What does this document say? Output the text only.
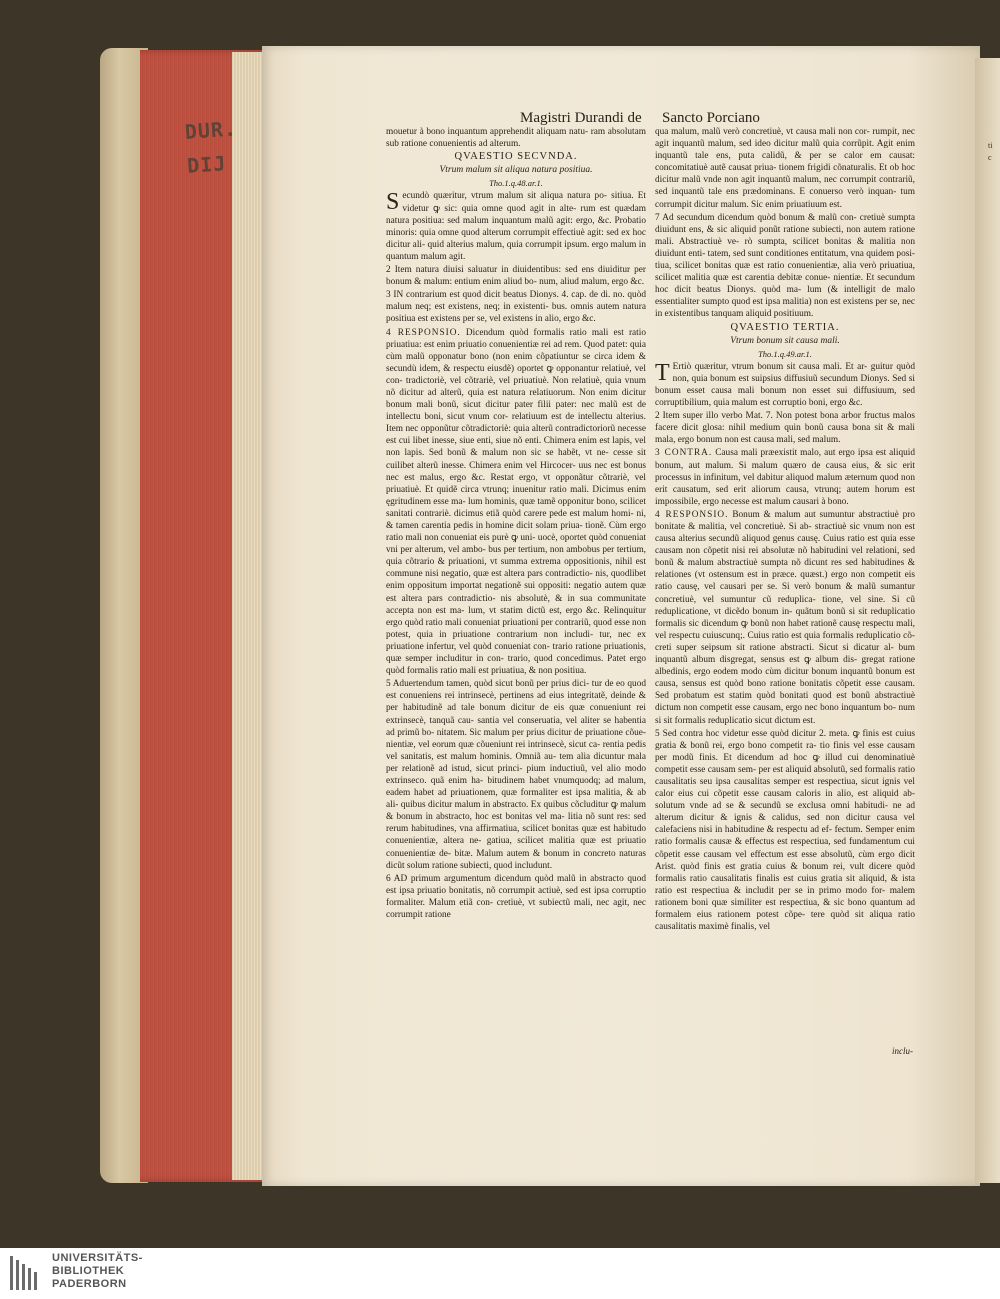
DUR.
DIJ
ti
c
Magistri Durandi de Sancto Porciano

mouetur à bono inquantum apprehendit aliquam natu- ram absolutam sub ratione conuenientis ad alterum.

QVAESTIO SECVNDA.

Vtrum malum sit aliqua natura positiua.

Tho.1.q.48.ar.1.

Secundò quæritur, vtrum malum sit aliqua natura po- sitiua. Et videtur ꝙ sic: quia omne quod agit in alte- rum est quædam natura positiua: sed malum inquantum malũ agit: ergo, &c. Probatio minoris: quia omne quod alterum corrumpit effectiuè agit: sed ex hoc dicitur ali- quid alterius malum, quia corrumpit ipsum. ergo malum in quantum malum agit.

2 Item natura diuisi saluatur in diuidentibus: sed ens diuiditur per bonum & malum: entium enim aliud bo- num, aliud malum, ergo &c.

3 IN contrarium est quod dicit beatus Dionys. 4. cap. de di. no. quòd malum neq; est existens, neq; in existenti- bus. omnis autem natura positiua est existens per se, vel existens in alio, ergo &c.

4 RESPONSIO. Dicendum quòd formalis ratio mali est ratio priuatiua: est enim priuatio conuenientiæ rei ad rem. Quod patet: quia cùm malũ opponatur bono (non enim cõpatiuntur se circa idem & secundù idem, & respectu eiusdẽ) oportet ꝙ opponantur relatiuè, vel con- tradictoriè, vel cõtrariè, vel priuatiuè. Non relatiuè, quia vnum nõ dicitur ad alterũ, quia est natura relatiuorum. Non enim dicitur bonum mali bonũ, sicut dicitur pater filii pater: nec malũ est de intellectu boni, sicut vnum cor- relatiuum est de intellectu alterius. Item nec opponũtur cõtradictoriè: quia alterũ contradictoriorũ necesse est cui libet inesse, siue enti, siue nõ enti. Chimera enim est lapis, vel non lapis. Sed bonũ & malum non sic se habẽt, vt ne- cesse sit cuilibet alterũ inesse. Chimera enim vel Hircocer- uus nec est bonus nec est malus, ergo &c. Restat ergo, vt opponãtur cõtrariè, vel priuatiuè. Et quidẽ circa vtrunq; inuenitur ratio mali. Dicimus enim ęgritudinem esse ma- lum hominis, quæ tamẽ opponitur bono, scilicet sanitati contrariè. dicimus etiã quòd carere pede est malum homi- ni, & tamen carentia pedis in homine dicit solam priua- tionẽ. Cùm ergo ratio mali non conueniat eis purè ꝙ uni- uocè, oportet quòd conueniat vni per alterum, vel ambo- bus per tertium, non ambobus per tertium, quia cõtrario & priuationi, vt summa extrema oppositionis, nihil est commune nisi negatio, quæ est altera pars contradictio- nis, quodlibet enim oppositum importat negationẽ sui oppositi: negatio autem quæ est altera pars contradictio- nis absolutè, & in sua communitate accepta non est ma- lum, vt statim dictũ est, ergo &c. Relinquitur ergo quòd ratio mali conueniat priuationi per contrariũ, quod esse non potest, quia in priuatione contrarium non includi- tur, nec ex priuatione infertur, vel quòd conueniat con- trario ratione priuationis, quæ semper includitur in con- trario, quod concedimus. Patet ergo quòd formalis ratio mali est priuatiua, & non positiua.

5 Aduertendum tamen, quòd sicut bonũ per prius dici- tur de eo quod est conueniens rei intrinsecè, pertinens ad eius integritatẽ, deinde & per habitudinẽ ad tale bonum dicitur de eis quæ conueniunt rei extrinsecè, tanquã cau- santia vel conseruatia, vel aliter se habentia ad primũ bo- nitatem. Sic malum per prius dicitur de priuatione cõue- nientiæ, vel eorum quæ cõueniunt rei intrinsecè, sicut ca- rentia pedis vel sanitatis, est malum hominis. Omniã au- tem alia dicuntur mala per relationẽ ad istud, sicut princi- pium inductiuũ, vel alio modo extrinseco. quã enim ha- bitudinem habet vnumquodq; ad malum, eadem habet ad priuationem, quæ formaliter est ipsa malitia, & ab ali- quibus dicitur malum in abstracto. Ex quibus cõcluditur ꝙ malum & bonum in abstracto, hoc est bonitas vel ma- litia nõ sunt res: sed rerum habitudines, vna affirmatiua, scilicet bonitas quæ est habitudo conuenientiæ, altera ne- gatiua, scilicet malitia quæ est priuatio conuenientiæ de- bitæ. Malum autem & bonum in concreto naturas dicũt solum ratione subiecti, quod includunt.

6 AD primum argumentum dicendum quòd malũ in abstracto quod est ipsa priuatio bonitatis, nõ corrumpit actiuè, sed est ipsa corruptio formaliter. Malum etiã con- cretiuè, vt subiectũ mali, nec agit, nec corrumpit ratione

qua malum, malũ verò concretiuè, vt causa mali non cor- rumpit, nec agit inquantũ malum, sed ideo dicitur malũ quia corrũpit. Agit enim inquantũ tale ens, puta calidũ, & per se calor em causat: concomitatiuè autẽ causat priua- tionem frigidi cõnaturalis. Et ob hoc dicitur malũ vnde non agit inquantũ malum, nec corrumpit contrariũ, sed inquantũ tale ens prædominans. E conuerso verò inquan- tum corrumpit dicitur malum. Sic enim priuatiuum est.

7 Ad secundum dicendum quòd bonum & malũ con- cretiuè sumpta diuidunt ens, & sic aliquid ponũt ratione subiecti, non autem ratione mali. Abstractiuè ve- rò sumpta, scilicet bonitas & malitia non diuidunt enti- tatem, sed sunt conditiones entitatum, vna quidem posi- tiua, scilicet bonitas quæ est ratio conuenientiæ, alia verò priuatiua, scilicet malitia quæ est carentia debitæ conue- nientiæ. Et secundum hoc dicit beatus Dionys. quòd ma- lum (& intelligit de malo essentialiter sumpto quod est ipsa malitia) non est existens per se, nec in existentibus tanquam aliquid positiuum.

QVAESTIO TERTIA.

Vtrum bonum sit causa mali.

Tho.1.q.49.ar.1.

T Ertiò quæritur, vtrum bonum sit causa mali. Et ar- guitur quòd non, quia bonum est suipsius diffusiuũ secundum Dionys. Sed si bonum esset causa mali bonum non esset sui diffusiuum, sed corruptibilium, quia malum est corruptio boni, ergo &c.

2 Item super illo verbo Mat. 7. Non potest bona arbor fructus malos facere dicit glosa: nihil medium quin bonũ causa bona sit & mali mala, ergo bonum non est causa mali, sed malum.

3 CONTRA. Causa mali præexistit malo, aut ergo ipsa est aliquid bonum, aut malum. Si malum quæro de causa eius, & sic erit processus in infinitum, vel dabitur aliquod malum æternum quod non erit causatum, sed erit aliorum causa, vtrunq; autem horum est impossibile, ergo necesse est malum causari à bono.

4 RESPONSIO. Bonum & malum aut sumuntur abstractiuè pro bonitate & malitia, vel concretiuè. Si ab- stractiuè sic vnum non est causa alterius secundũ aliquod genus causę. Cuius ratio est quia esse causam non cõpetit nisi rei absolutæ nõ habitudini vel relationi, sed bonũ & malum abstractiuè sumpta nõ dicunt res sed habitudines & relationes (vt ostensum est in præce. quæst.) ergo non competit eis ratio causę, vel causari per se. Si verò bonum & malũ sumantur concretiuè, vel sumuntur cũ reduplica- tione, vel sine. Si cũ reduplicatione, vt dicẽdo bonum in- quãtum bonũ si sit reduplicatio formalis sic dicendum ꝙ bonũ non habet rationẽ causę respectu mali, vel respectu cuiuscunq;. Cuius ratio est quia formalis reduplicatio cõ- creti super seipsum sit ratione abstracti. Sicut si dicatur al- bum inquantũ album disgregat, sensus est ꝙ album dis- gregat ratione albedinis, ergo eodem modo cùm dicitur bonum inquantũ bonum est causa, sensus est quòd bono ratione bonitatis cõpetit esse causam. Sed probatum est statim quòd bonitati quod est bonũ abstractiuè dictum non competit esse causam, ergo nec bono inquantum bo- num si sit formalis reduplicatio sicut dictum est.

5 Sed contra hoc videtur esse quòd dicitur 2. meta. ꝙ finis est cuius gratia & bonũ rei, ergo bono competit ra- tio finis vel esse causam per modũ finis. Et dicendum ad hoc ꝙ illud cui denominatiuè competit esse causam sem- per est aliquid absolutũ, sed formalis ratio causalitatis seu ipsa causalitas semper est respectiua, sicut ignis vel calor eius cui cõpetit esse causam caloris in alio, est aliquid ab- solutum vnde ad se & secundũ se exclusa omni habitudi- ne ad alterum dicitur & ignis & calidus, sed non dicitur causa vel calefaciens nisi in habitudine & respectu ad ef- fectum. Semper enim ratio formalis causæ & effectus est respectiua, sed fundamentum cui cõpetit esse causam vel effectum est esse absolutũ, cùm ergo dicit Arist. quòd finis est gratia cuius & bonum rei, vult dicere quòd formalis ratio causalitatis finalis est cuius gratia sit aliquid, & ista ratio est respectiua & includit per se in primo modo for- malem rationem boni quæ similiter est respectiua, & sic bono quantum ad formalem eius rationem potest cõpe- tere quòd sit aliqua ratio causalitatis maximè finalis, vel

inclu-
UNIVERSITÄTS-
BIBLIOTHEK
PADERBORN
